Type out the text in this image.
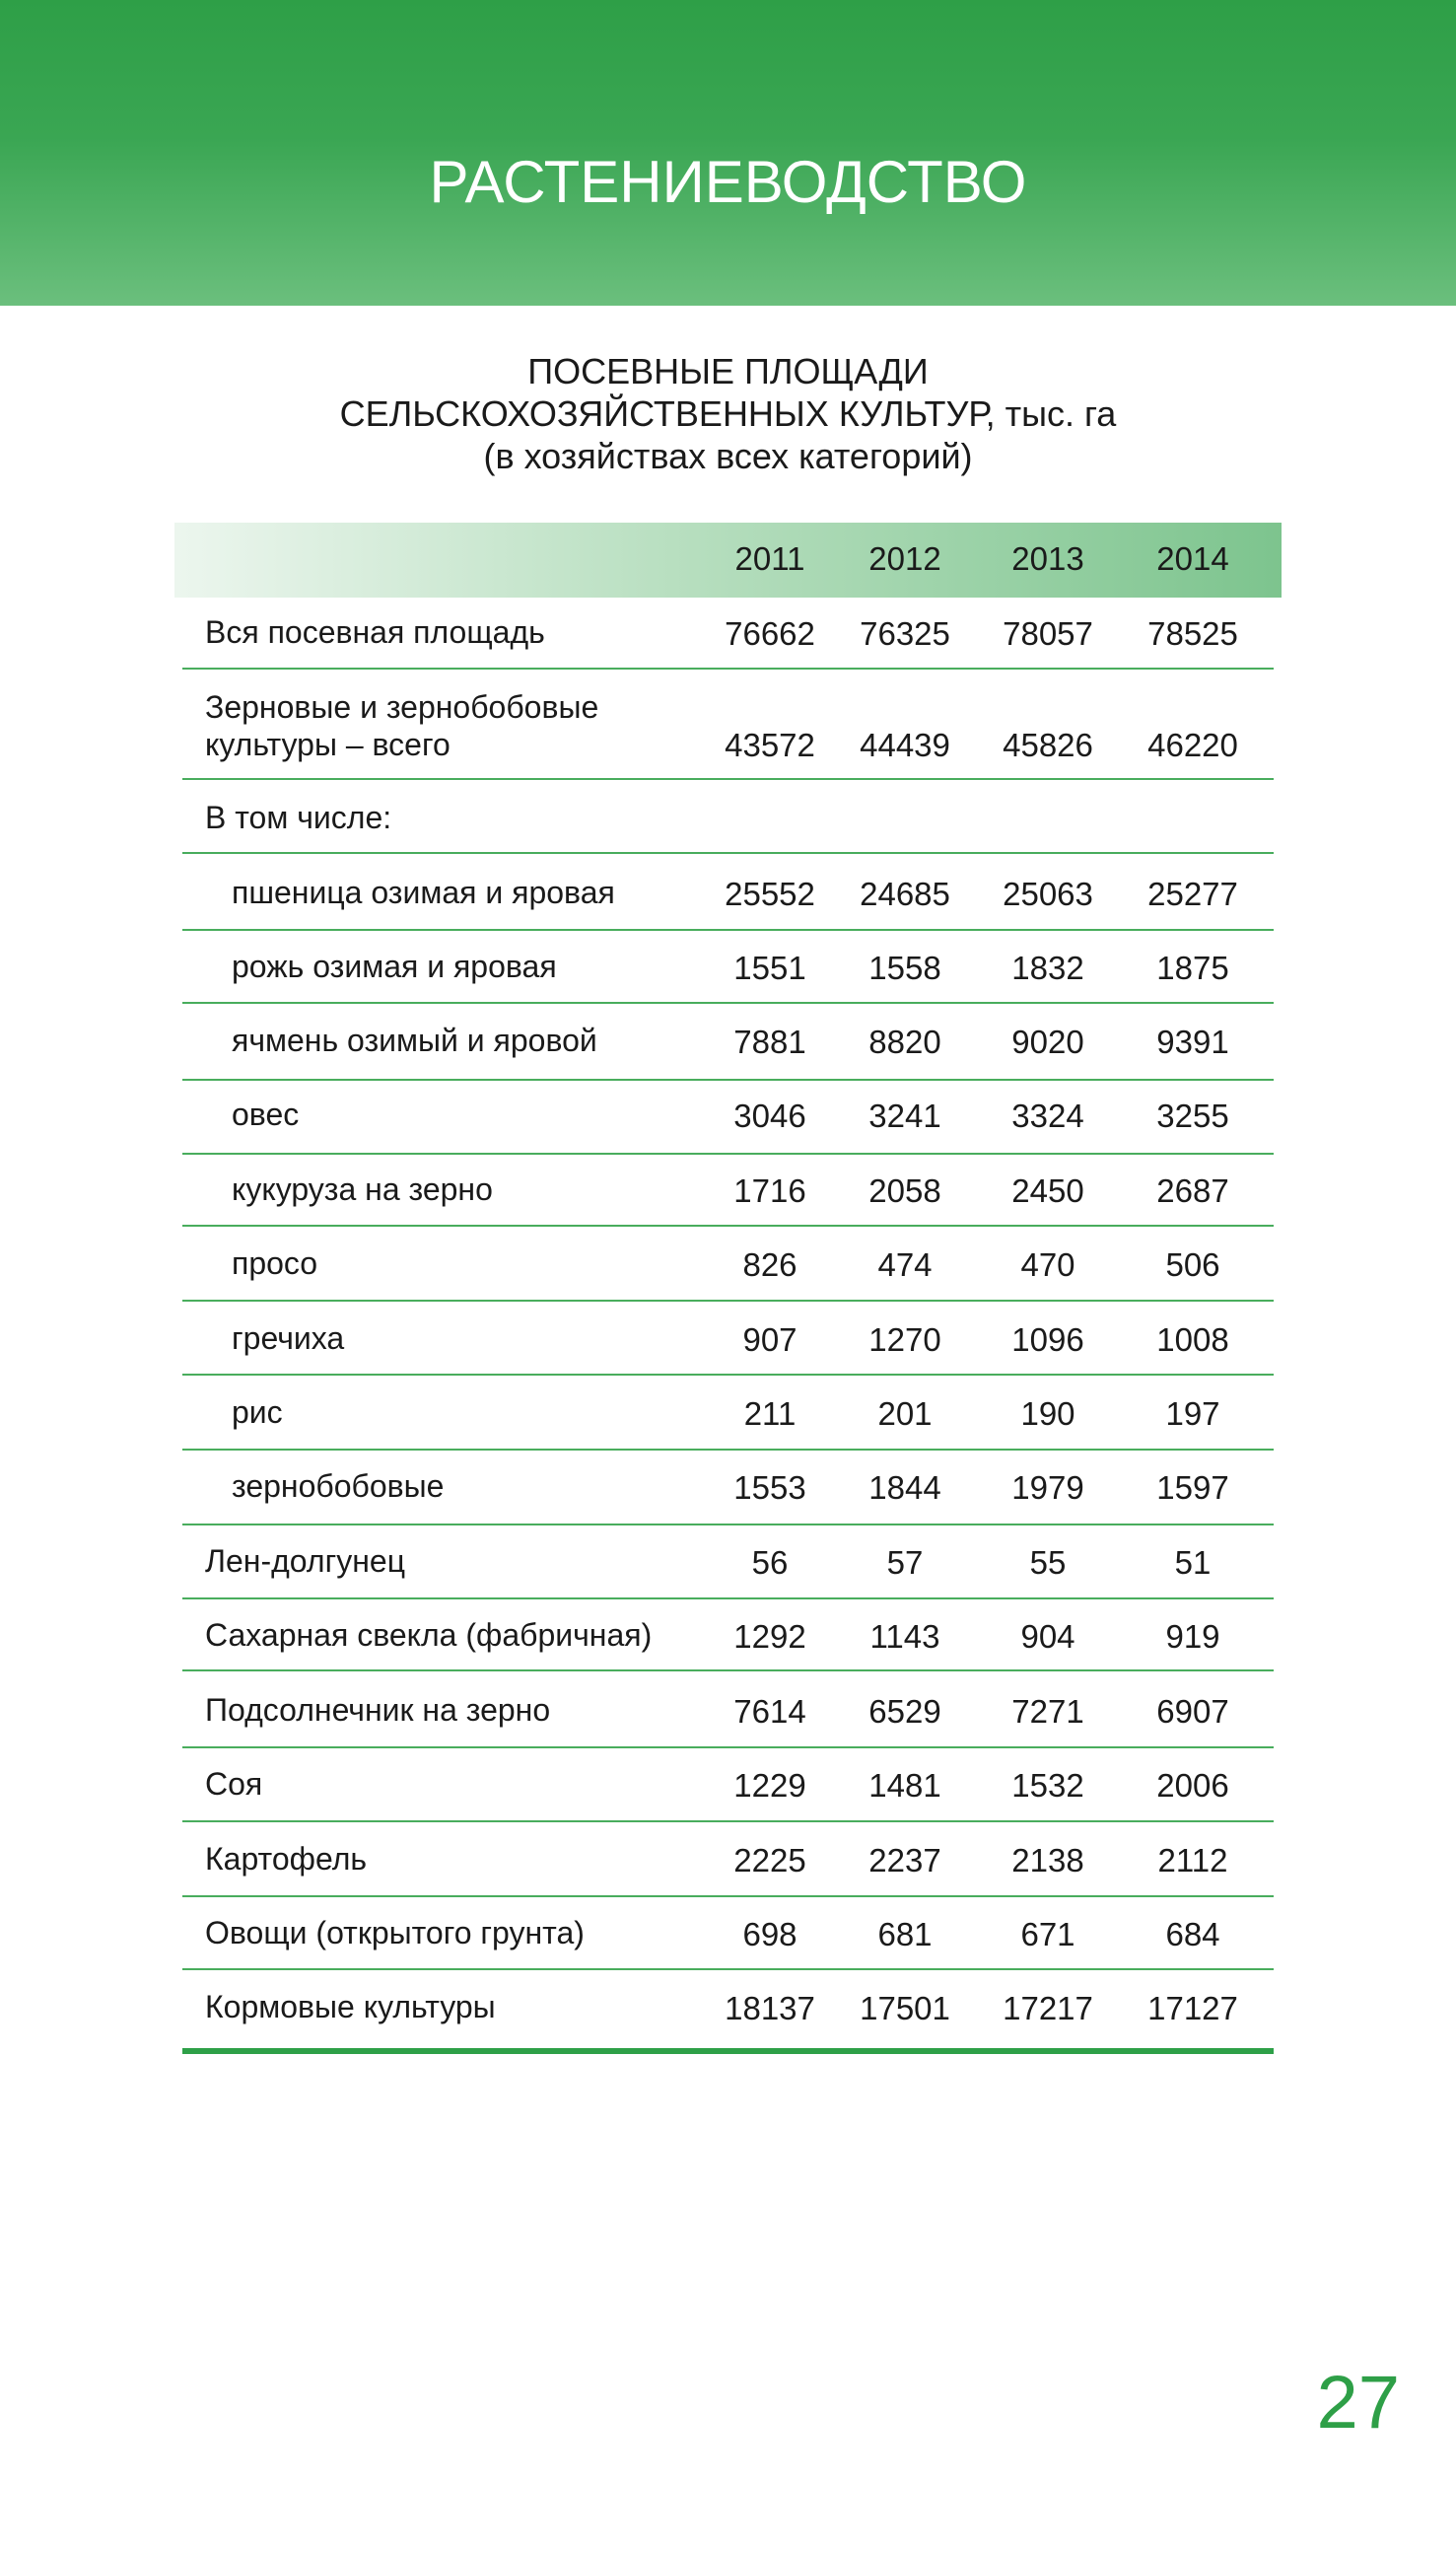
РАСТЕНИЕВОДСТВО
ПОСЕВНЫЕ ПЛОЩАДИ
СЕЛЬСКОХОЗЯЙСТВЕННЫХ КУЛЬТУР, тыс. га
(в хозяйствах всех категорий)
2011	2012	2013	2014
Вся посевная площадь	76662	76325	78057	78525
Зерновые и зернобобовые
культуры – всего	43572	44439	45826	46220
В том числе:
пшеница озимая и яровая	25552	24685	25063	25277
рожь озимая и яровая	1551	1558	1832	1875
ячмень озимый и яровой	7881	8820	9020	9391
овес	3046	3241	3324	3255
кукуруза на зерно	1716	2058	2450	2687
просо	826	474	470	506
гречиха	907	1270	1096	1008
рис	211	201	190	197
зернобобовые	1553	1844	1979	1597
Лен-долгунец	56	57	55	51
Сахарная свекла (фабричная)	1292	1143	904	919
Подсолнечник на зерно	7614	6529	7271	6907
Соя	1229	1481	1532	2006
Картофель	2225	2237	2138	2112
Овощи (открытого грунта)	698	681	671	684
Кормовые культуры	18137	17501	17217	17127
27
